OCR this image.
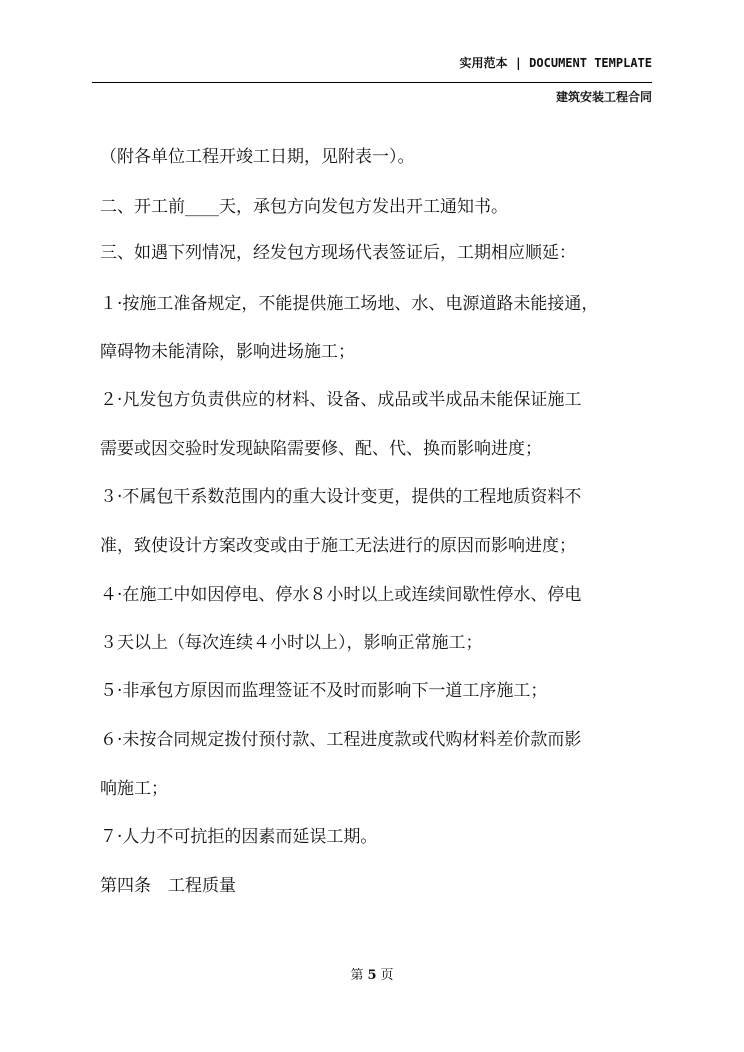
实用范本 | DOCUMENT TEMPLATE
建筑安装工程合同
（附各单位工程开竣工日期，见附表一）。
二、开工前____天，承包方向发包方发出开工通知书。
三、如遇下列情况，经发包方现场代表签证后，工期相应顺延：
１·按施工准备规定，不能提供施工场地、水、电源道路未能接通，
障碍物未能清除，影响进场施工；
２·凡发包方负责供应的材料、设备、成品或半成品未能保证施工
需要或因交验时发现缺陷需要修、配、代、换而影响进度；
３·不属包干系数范围内的重大设计变更，提供的工程地质资料不
准，致使设计方案改变或由于施工无法进行的原因而影响进度；
４·在施工中如因停电、停水８小时以上或连续间歇性停水、停电
３天以上（每次连续４小时以上），影响正常施工；
５·非承包方原因而监理签证不及时而影响下一道工序施工；
６·未按合同规定拨付预付款、工程进度款或代购材料差价款而影
响施工；
７·人力不可抗拒的因素而延误工期。
第四条　工程质量
第 5 页
